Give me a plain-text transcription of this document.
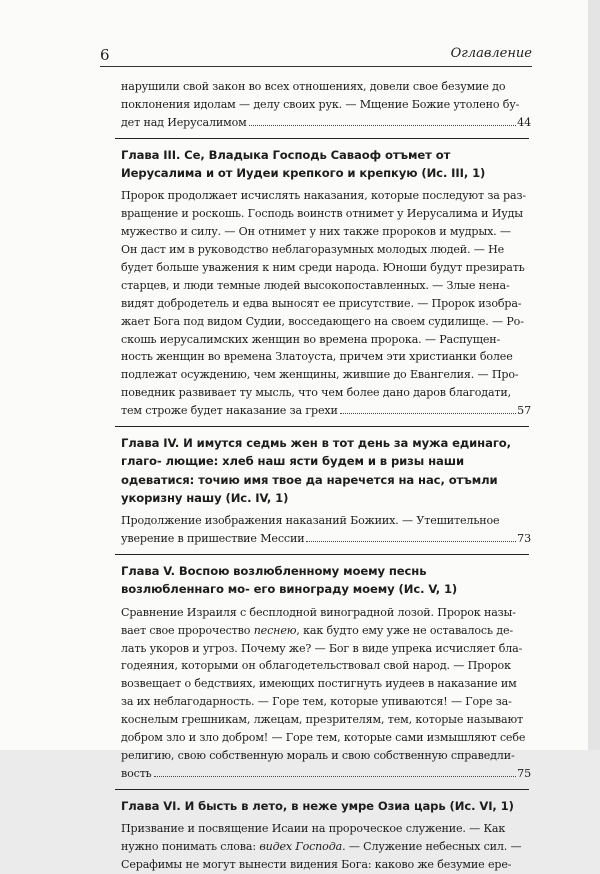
6	Оглавление
нарушили свой закон во всех отношениях, довели свое безумие до
поклонения идолам — делу своих рук. — Мщение Божие утолено бу-
дет над Иерусалимом	44

Глава III. Се, Владыка Господь Саваоф отъмет от Иерусалима и от Иудеи крепкого и крепкую (Ис. III, 1)

Пророк продолжает исчислять наказания, которые последуют за раз-
вращение и роскошь. Господь воинств отнимет у Иерусалима и Иуды
мужество и силу. — Он отнимет у них также пророков и мудрых. —
Он даст им в руководство неблагоразумных молодых людей. — Не
будет больше уважения к ним среди народа. Юноши будут презирать
старцев, и люди темные людей высокопоставленных. — Злые нена-
видят добродетель и едва выносят ее присутствие. — Пророк изобра-
жает Бога под видом Судии, восседающего на своем судилище. — Ро-
скошь иерусалимских женщин во времена пророка. — Распущен-
ность женщин во времена Златоуста, причем эти христианки более
подлежат осуждению, чем женщины, жившие до Евангелия. — Про-
поведник развивает ту мысль, что чем более дано даров благодати,
тем строже будет наказание за грехи	57

Глава IV. И имутся седмь жен в тот день за мужа единаго, глаго- лющие: хлеб наш ясти будем и в ризы наши одеватися: точию имя твое да наречется на нас, отъмли укоризну нашу (Ис. IV, 1)

Продолжение изображения наказаний Божиих. — Утешительное
уверение в пришествие Мессии	73

Глава V. Воспою возлюбленному моему песнь возлюбленнаго мо- его винограду моему (Ис. V, 1)

Сравнение Израиля с бесплодной виноградной лозой. Пророк назы-
вает свое пророчество песнею, как будто ему уже не оставалось де-
лать укоров и угроз. Почему же? — Бог в виде упрека исчисляет бла-
годеяния, которыми он облагодетельствовал свой народ. — Пророк
возвещает о бедствиях, имеющих постигнуть иудеев в наказание им
за их неблагодарность. — Горе тем, которые упиваются! — Горе за-
коснелым грешникам, лжецам, презрителям, тем, которые называют
добром зло и зло добром! — Горе тем, которые сами измышляют себе
религию, свою собственную мораль и свою собственную справедли-
вость	75

Глава VI. И бысть в лето, в неже умре Озиа царь (Ис. VI, 1)

Призвание и посвящение Исаии на пророческое служение. — Как
нужно понимать слова: видех Господа. — Служение небесных сил. —
Серафимы не могут вынести видения Бога: каково же безумие ере-
